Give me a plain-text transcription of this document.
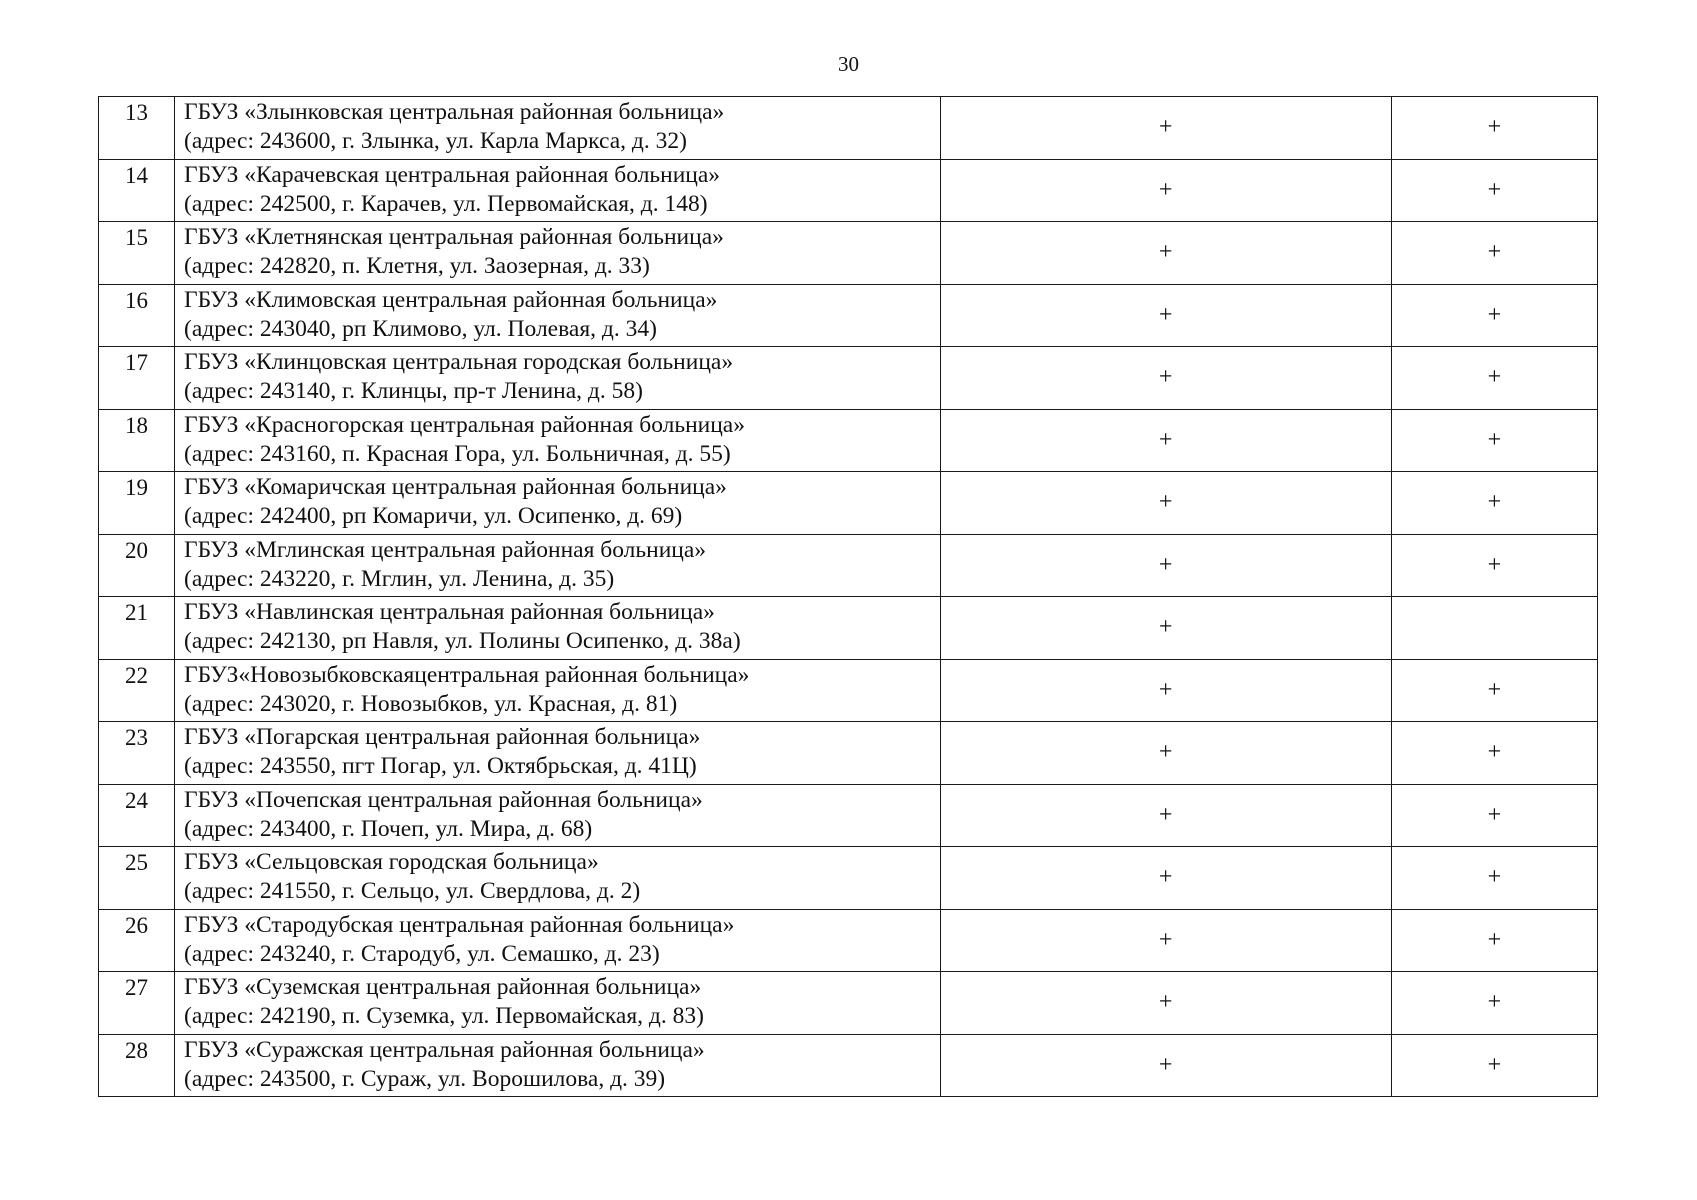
30
13	ГБУЗ «Злынковская центральная районная больница»
(адрес: 243600, г. Злынка, ул. Карла Маркса, д. 32)	+	+
14	ГБУЗ «Карачевская центральная районная больница»
(адрес: 242500, г. Карачев, ул. Первомайская, д. 148)	+	+
15	ГБУЗ «Клетнянская центральная районная больница»
(адрес: 242820, п. Клетня, ул. Заозерная, д. 33)	+	+
16	ГБУЗ «Климовская центральная районная больница»
(адрес: 243040, рп Климово, ул. Полевая, д. 34)	+	+
17	ГБУЗ «Клинцовская центральная городская больница»
(адрес: 243140, г. Клинцы, пр-т Ленина, д. 58)	+	+
18	ГБУЗ «Красногорская центральная районная больница»
(адрес: 243160, п. Красная Гора, ул. Больничная, д. 55)	+	+
19	ГБУЗ «Комаричская центральная районная больница»
(адрес: 242400, рп Комаричи, ул. Осипенко, д. 69)	+	+
20	ГБУЗ «Мглинская центральная районная больница»
(адрес: 243220, г. Мглин, ул. Ленина, д. 35)	+	+
21	ГБУЗ «Навлинская центральная районная больница»
(адрес: 242130, рп Навля, ул. Полины Осипенко, д. 38а)	+	
22	ГБУЗ«Новозыбковскаяцентральная районная больница»
(адрес: 243020, г. Новозыбков, ул. Красная, д. 81)	+	+
23	ГБУЗ «Погарская центральная районная больница»
(адрес: 243550, пгт Погар, ул. Октябрьская, д. 41Ц)	+	+
24	ГБУЗ «Почепская центральная районная больница»
(адрес: 243400, г. Почеп, ул. Мира, д. 68)	+	+
25	ГБУЗ «Сельцовская городская больница»
(адрес: 241550, г. Сельцо, ул. Свердлова, д. 2)	+	+
26	ГБУЗ «Стародубская центральная районная больница»
(адрес: 243240, г. Стародуб, ул. Семашко, д. 23)	+	+
27	ГБУЗ «Суземская центральная районная больница»
(адрес: 242190, п. Суземка, ул. Первомайская, д. 83)	+	+
28	ГБУЗ «Суражская центральная районная больница»
(адрес: 243500, г. Сураж, ул. Ворошилова, д. 39)	+	+
